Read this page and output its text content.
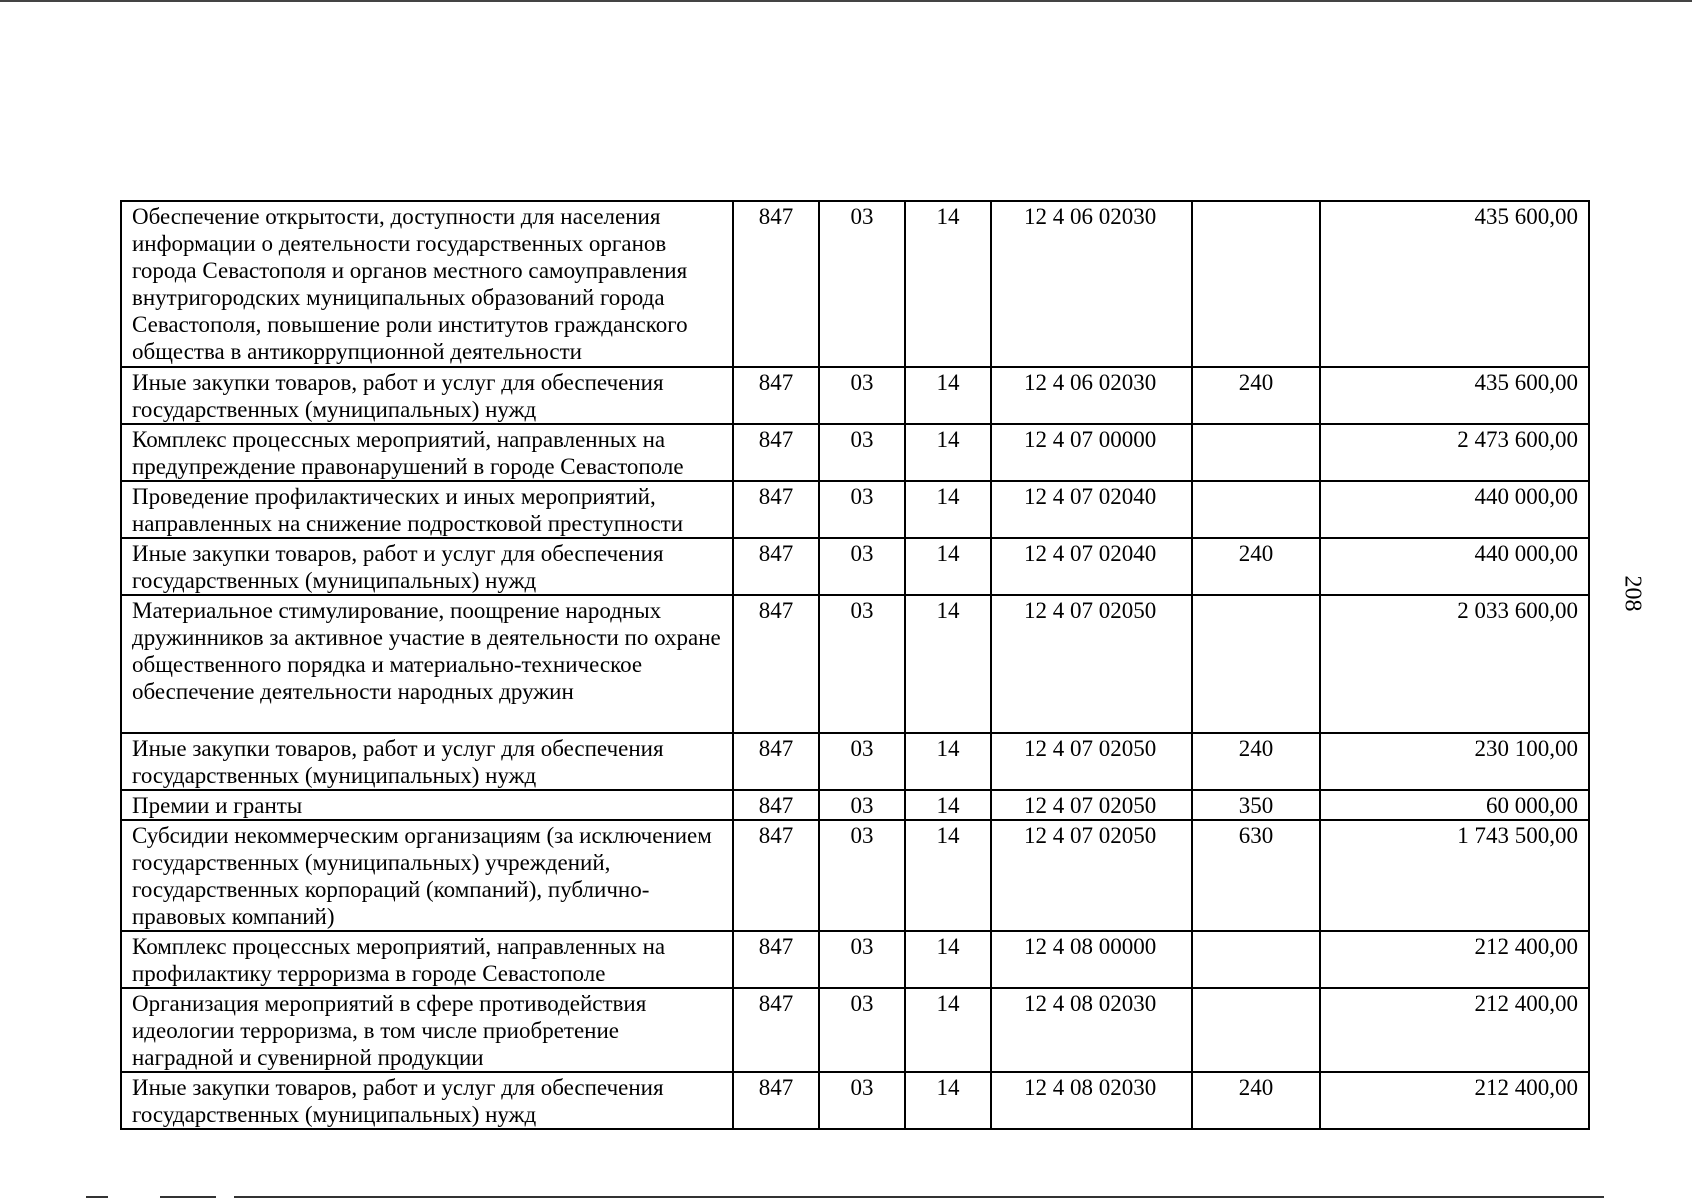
Обеспечение открытости, доступности для населения информации о деятельности государственных органов города Севастополя и органов местного самоуправления внутригородских муниципальных образований города Севастополя, повышение роли институтов гражданского общества в антикоррупционной деятельности	847	03	14	12 4 06 02030		435 600,00
Иные закупки товаров, работ и услуг для обеспечения государственных (муниципальных) нужд	847	03	14	12 4 06 02030	240	435 600,00
Комплекс процессных мероприятий, направленных на предупреждение правонарушений в городе Севастополе	847	03	14	12 4 07 00000		2 473 600,00
Проведение профилактических и иных мероприятий, направленных на снижение подростковой преступности	847	03	14	12 4 07 02040		440 000,00
Иные закупки товаров, работ и услуг для обеспечения государственных (муниципальных) нужд	847	03	14	12 4 07 02040	240	440 000,00
Материальное стимулирование, поощрение народных дружинников за активное участие в деятельности по охране общественного порядка и материально-техническое обеспечение деятельности народных дружин	847	03	14	12 4 07 02050		2 033 600,00
Иные закупки товаров, работ и услуг для обеспечения государственных (муниципальных) нужд	847	03	14	12 4 07 02050	240	230 100,00
Премии и гранты	847	03	14	12 4 07 02050	350	60 000,00
Субсидии некоммерческим организациям (за исключением государственных (муниципальных) учреждений, государственных корпораций (компаний), публично-правовых компаний)	847	03	14	12 4 07 02050	630	1 743 500,00
Комплекс процессных мероприятий, направленных на профилактику терроризма в городе Севастополе	847	03	14	12 4 08 00000		212 400,00
Организация мероприятий в сфере противодействия идеологии терроризма, в том числе приобретение наградной и сувенирной продукции	847	03	14	12 4 08 02030		212 400,00
Иные закупки товаров, работ и услуг для обеспечения государственных (муниципальных) нужд	847	03	14	12 4 08 02030	240	212 400,00
208
